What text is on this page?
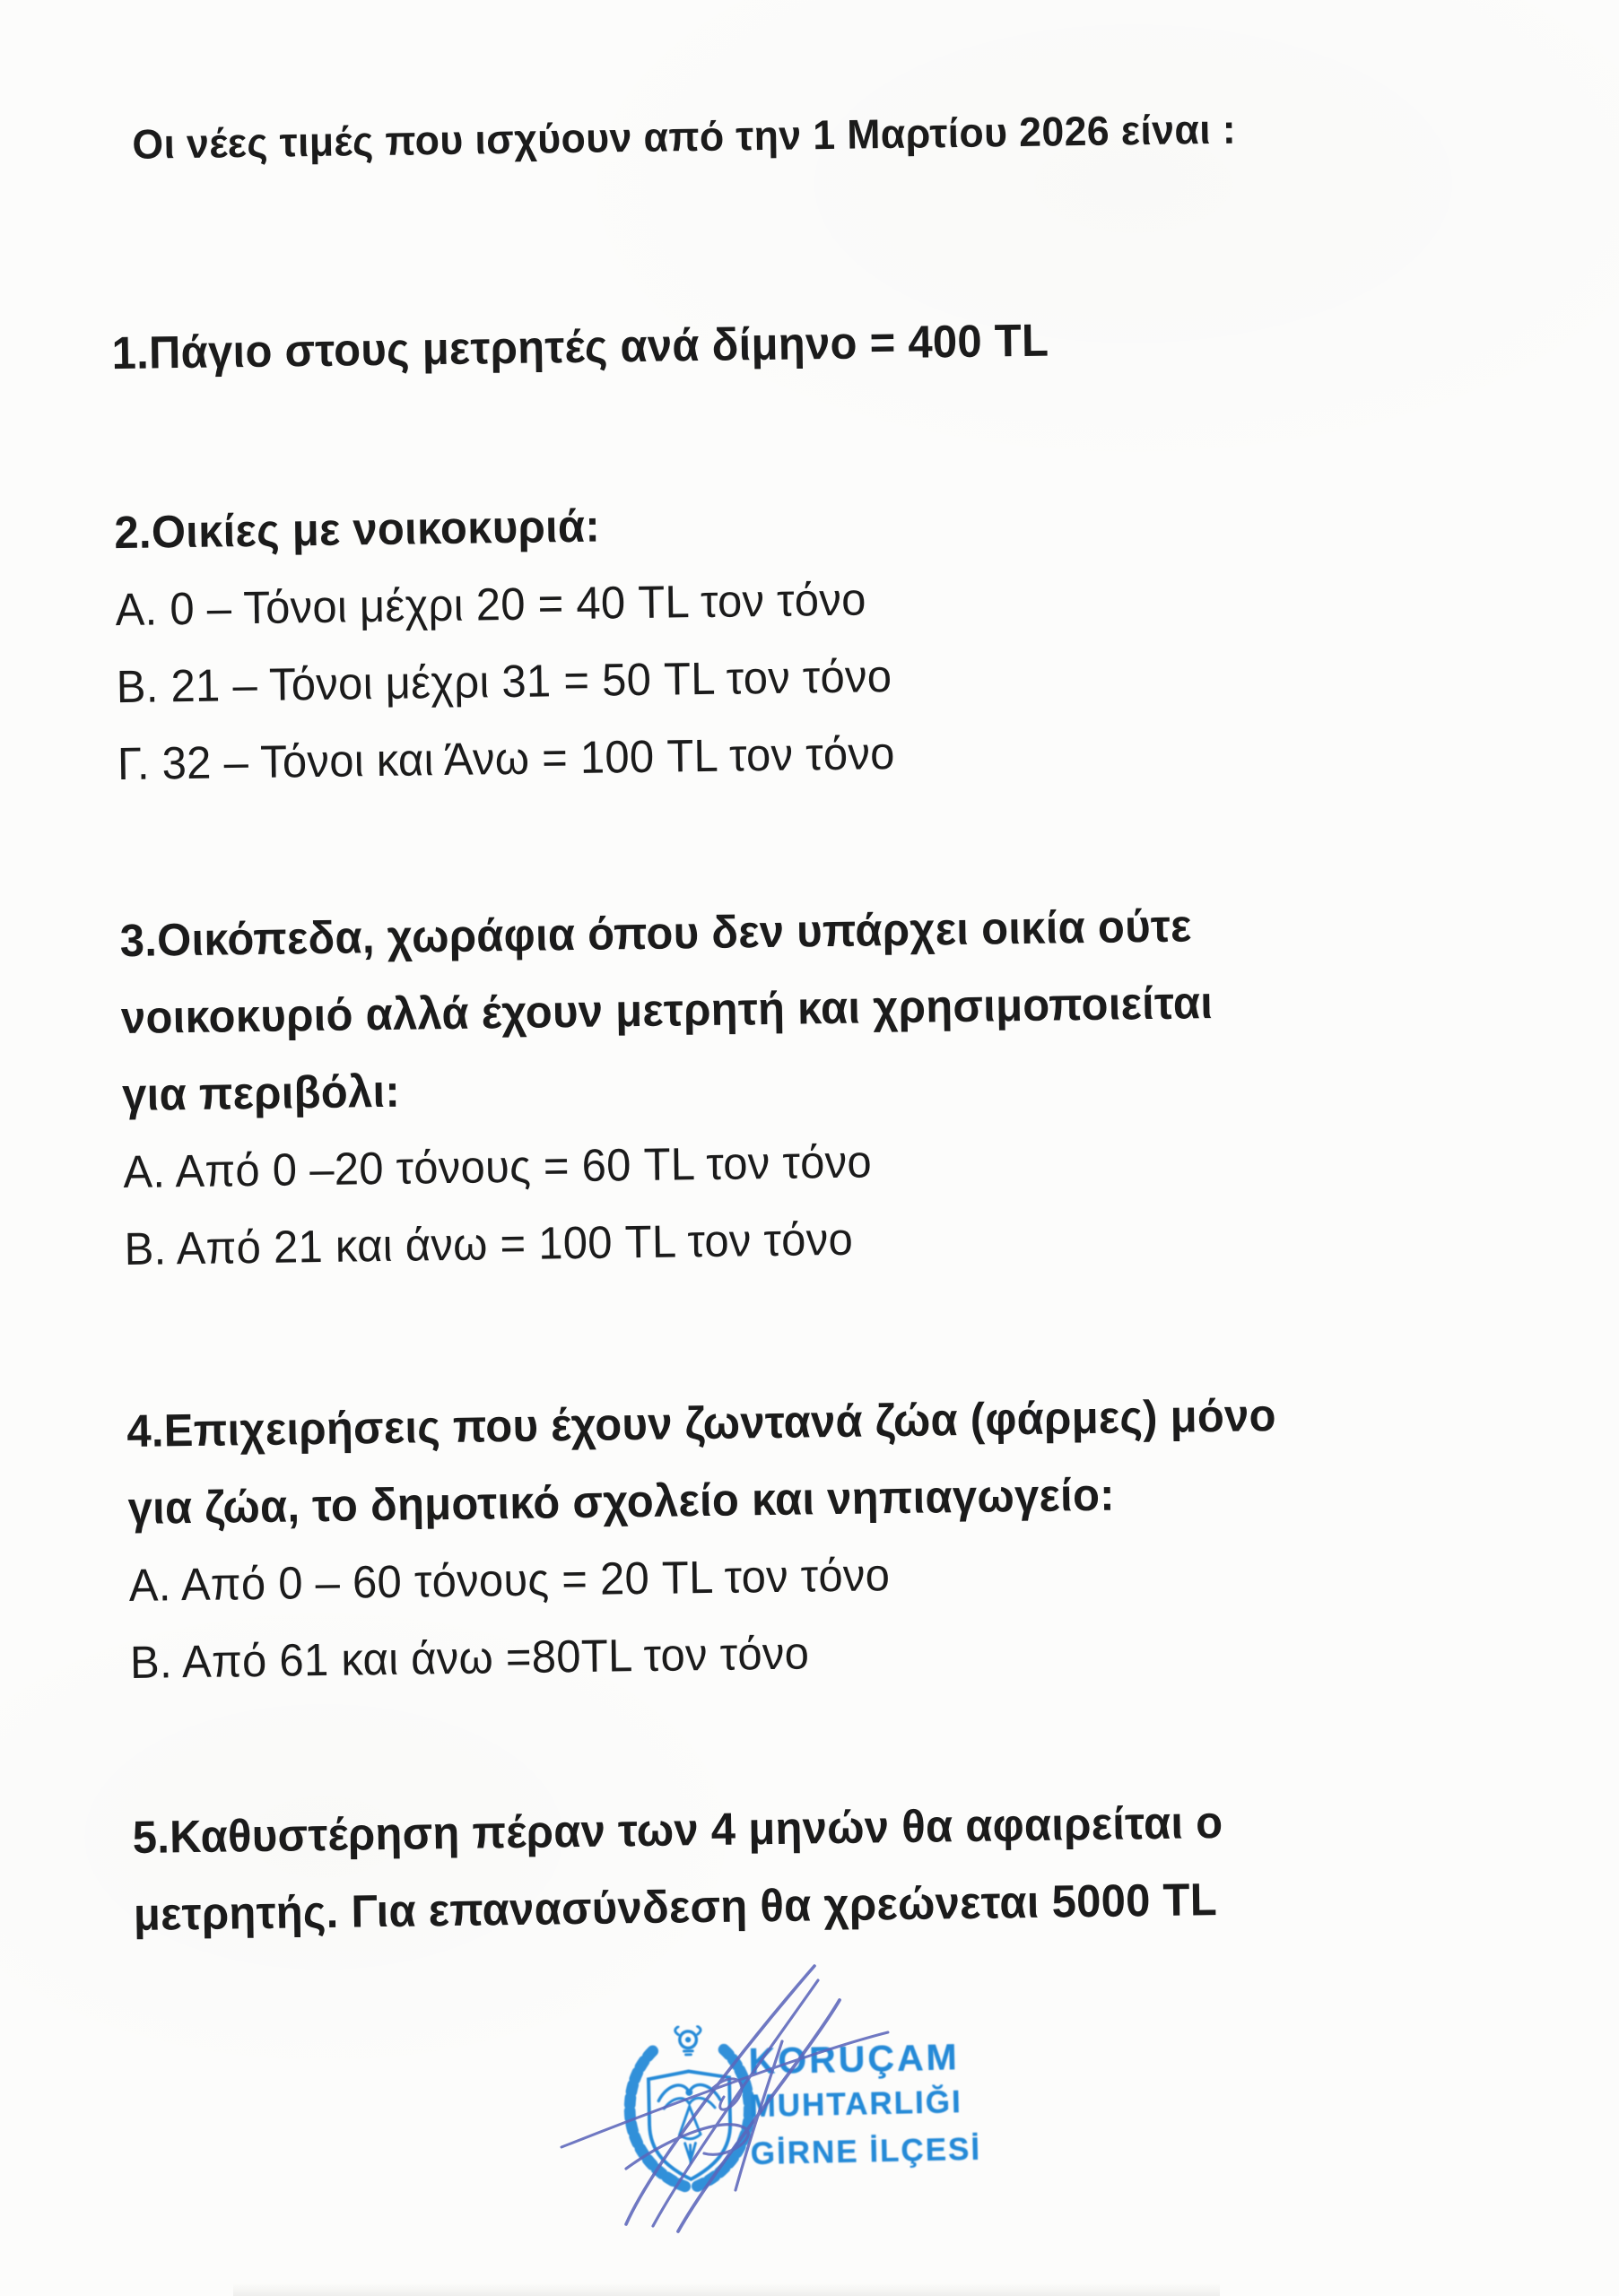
Οι νέες τιμές που ισχύουν από την 1 Μαρτίου 2026 είναι :
1.Πάγιο στους μετρητές ανά δίμηνο = 400 TL
2.Οικίες με νοικοκυριά:
Α. 0 – Τόνοι μέχρι 20 = 40 TL τον τόνο
Β. 21 – Τόνοι μέχρι 31 = 50 TL τον τόνο
Γ. 32 – Τόνοι και Άνω = 100 TL τον τόνο
3.Οικόπεδα, χωράφια όπου δεν υπάρχει οικία ούτε
νοικοκυριό αλλά έχουν μετρητή και χρησιμοποιείται
για περιβόλι:
Α. Από 0 –20 τόνους = 60 TL τον τόνο
Β. Από 21 και άνω = 100 TL τον τόνο
4.Επιχειρήσεις που έχουν ζωντανά ζώα (φάρμες) μόνο
για ζώα, το δημοτικό σχολείο και νηπιαγωγείο:
Α. Από 0 – 60 τόνους = 20 TL τον τόνο
Β. Από 61 και άνω =80TL τον τόνο
5.Καθυστέρηση πέραν των 4 μηνών θα αφαιρείται ο
μετρητής. Για επανασύνδεση θα χρεώνεται 5000 TL
KORUÇAM
MUHTARLIĞI
GİRNE İLÇESİ
